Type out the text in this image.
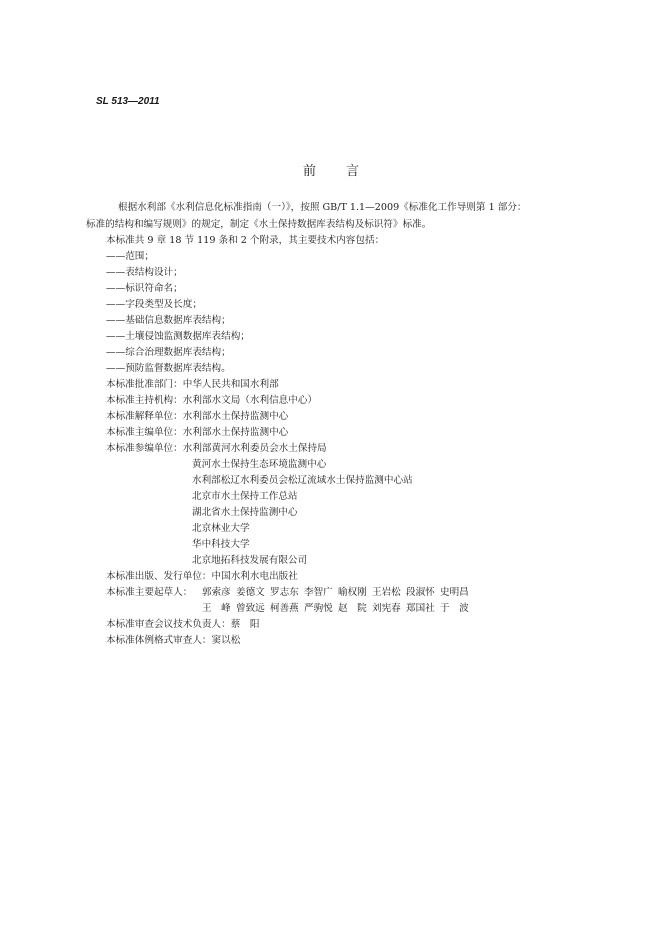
SL 513—2011
前 言
根据水利部《水利信息化标准指南（一）》，按照 GB/T 1.1—2009《标准化工作导则第 1 部分：
标准的结构和编写规则》的规定，制定《水土保持数据库表结构及标识符》标准。
本标准共 9 章 18 节 119 条和 2 个附录，其主要技术内容包括：
——范围；
——表结构设计；
——标识符命名；
——字段类型及长度；
——基础信息数据库表结构；
——土壤侵蚀监测数据库表结构；
——综合治理数据库表结构；
——预防监督数据库表结构。
本标准批准部门：中华人民共和国水利部
本标准主持机构：水利部水文局（水利信息中心）
本标准解释单位：水利部水土保持监测中心
本标准主编单位：水利部水土保持监测中心
本标准参编单位：水利部黄河水利委员会水土保持局
黄河水土保持生态环境监测中心
水利部松辽水利委员会松辽流域水土保持监测中心站
北京市水土保持工作总站
湖北省水土保持监测中心
北京林业大学
华中科技大学
北京地拓科技发展有限公司
本标准出版、发行单位：中国水利水电出版社
本标准主要起草人： 郭索彦 姜德文 罗志东 李智广 喻权刚 王岩松 段淑怀 史明昌
王　峰 曾致远 柯善燕 严驹悦 赵　院 刘宪春 郑国社 于　波
本标准审查会议技术负责人：蔡　阳
本标准体例格式审查人：窦以松
